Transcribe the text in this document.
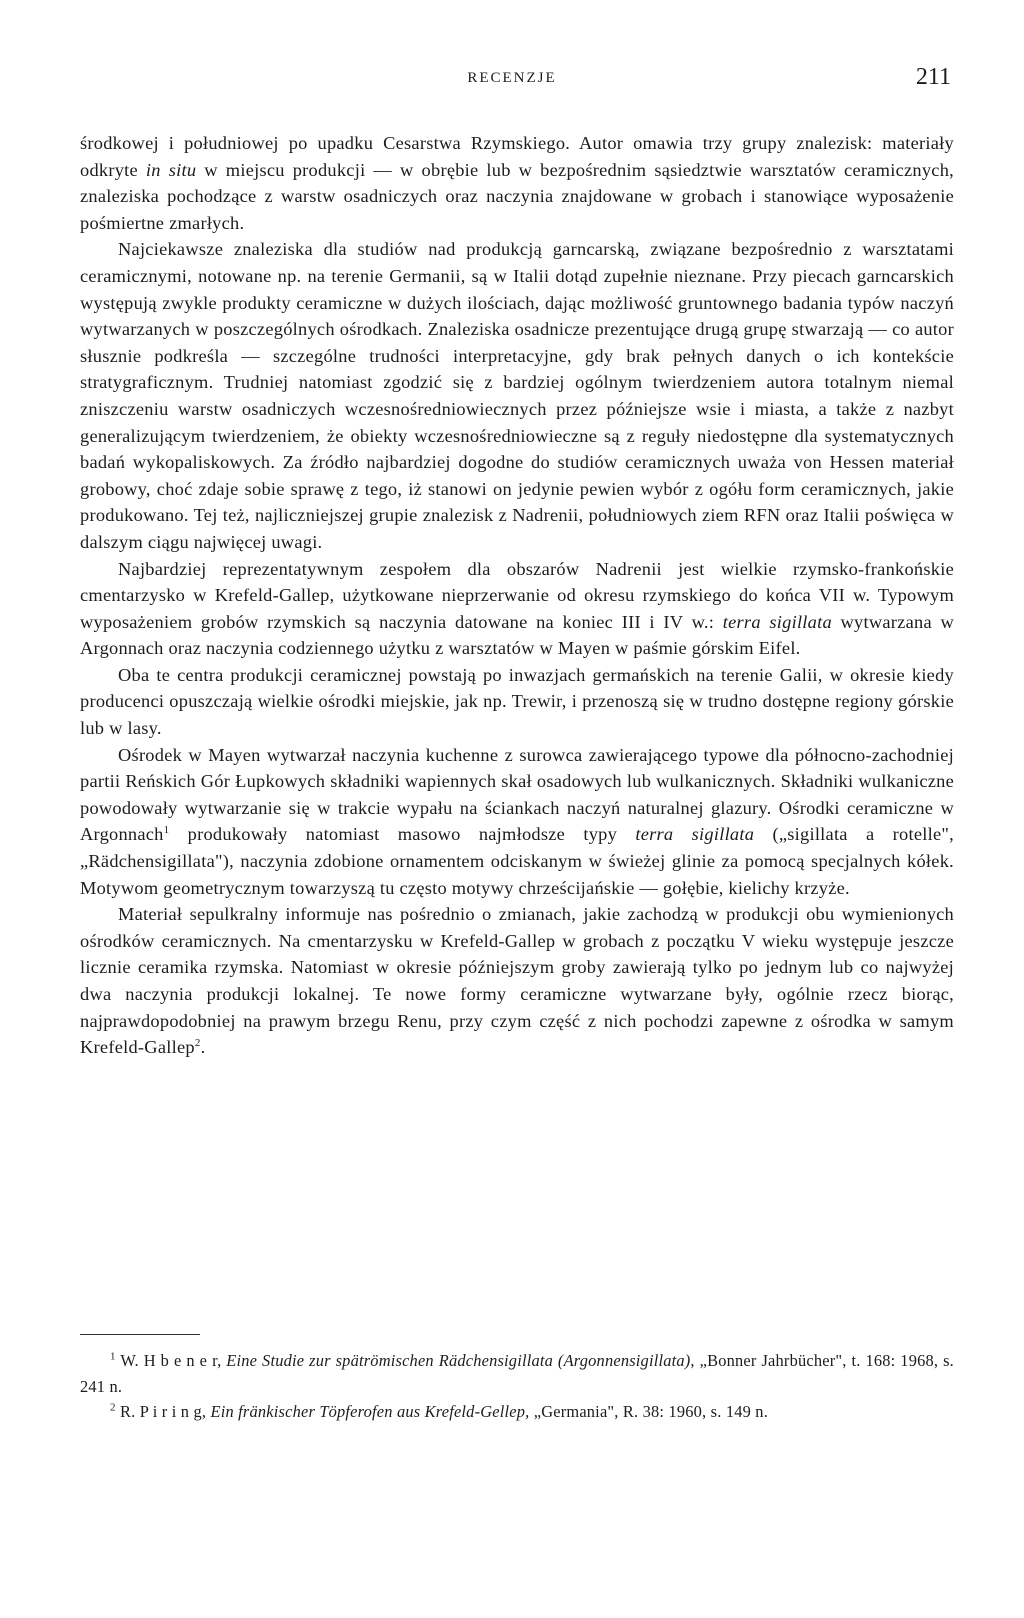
RECENZJE	211

środkowej i południowej po upadku Cesarstwa Rzymskiego. Autor omawia trzy grupy znalezisk: materiały odkryte in situ w miejscu produkcji — w obrębie lub w bezpośrednim sąsiedztwie warsztatów ceramicznych, znaleziska pochodzące z warstw osadniczych oraz naczynia znajdowane w grobach i stanowiące wyposażenie pośmiertne zmarłych.

Najciekawsze znaleziska dla studiów nad produkcją garncarską, związane bezpośrednio z warsztatami ceramicznymi, notowane np. na terenie Germanii, są w Italii dotąd zupełnie nieznane. Przy piecach garncarskich występują zwykle produkty ceramiczne w dużych ilościach, dając możliwość gruntownego badania typów naczyń wytwarzanych w poszczególnych ośrodkach. Znaleziska osadnicze prezentujące drugą grupę stwarzają — co autor słusznie podkreśla — szczególne trudności interpretacyjne, gdy brak pełnych danych o ich kontekście stratygraficznym. Trudniej natomiast zgodzić się z bardziej ogólnym twierdzeniem autora totalnym niemal zniszczeniu warstw osadniczych wczesnośredniowiecznych przez późniejsze wsie i miasta, a także z nazbyt generalizującym twierdzeniem, że obiekty wczesnośredniowieczne są z reguły niedostępne dla systematycznych badań wykopaliskowych. Za źródło najbardziej dogodne do studiów ceramicznych uważa von Hessen materiał grobowy, choć zdaje sobie sprawę z tego, iż stanowi on jedynie pewien wybór z ogółu form ceramicznych, jakie produkowano. Tej też, najliczniejszej grupie znalezisk z Nadrenii, południowych ziem RFN oraz Italii poświęca w dalszym ciągu najwięcej uwagi.

Najbardziej reprezentatywnym zespołem dla obszarów Nadrenii jest wielkie rzymsko-frankońskie cmentarzysko w Krefeld-Gallep, użytkowane nieprzerwanie od okresu rzymskiego do końca VII w. Typowym wyposażeniem grobów rzymskich są naczynia datowane na koniec III i IV w.: terra sigillata wytwarzana w Argonnach oraz naczynia codziennego użytku z warsztatów w Mayen w paśmie górskim Eifel.

Oba te centra produkcji ceramicznej powstają po inwazjach germańskich na terenie Galii, w okresie kiedy producenci opuszczają wielkie ośrodki miejskie, jak np. Trewir, i przenoszą się w trudno dostępne regiony górskie lub w lasy.

Ośrodek w Mayen wytwarzał naczynia kuchenne z surowca zawierającego typowe dla północno-zachodniej partii Reńskich Gór Łupkowych składniki wapiennych skał osadowych lub wulkanicznych. Składniki wulkaniczne powodowały wytwarzanie się w trakcie wypału na ściankach naczyń naturalnej glazury. Ośrodki ceramiczne w Argonnach$^1$ produkowały natomiast masowo najmłodsze typy terra sigillata („sigillata a rotelle", „Rädchensigillata"), naczynia zdobione ornamentem odciskanym w świeżej glinie za pomocą specjalnych kółek. Motywom geometrycznym towarzyszą tu często motywy chrześcijańskie — gołębie, kielichy krzyże.

Materiał sepulkralny informuje nas pośrednio o zmianach, jakie zachodzą w produkcji obu wymienionych ośrodków ceramicznych. Na cmentarzysku w Krefeld-Gallep w grobach z początku V wieku występuje jeszcze licznie ceramika rzymska. Natomiast w okresie późniejszym groby zawierają tylko po jednym lub co najwyżej dwa naczynia produkcji lokalnej. Te nowe formy ceramiczne wytwarzane były, ogólnie rzecz biorąc, najprawdopodobniej na prawym brzegu Renu, przy czym część z nich pochodzi zapewne z ośrodka w samym Krefeld-Gallep$^2$.

$^1$ W. H b e n e r, Eine Studie zur spätrömischen Rädchensigillata (Argonnensigillata), „Bonner Jahrbücher", t. 168: 1968, s. 241 n.

$^2$ R. P i r i n g, Ein fränkischer Töpferofen aus Krefeld-Gellep, „Germania", R. 38: 1960, s. 149 n.
